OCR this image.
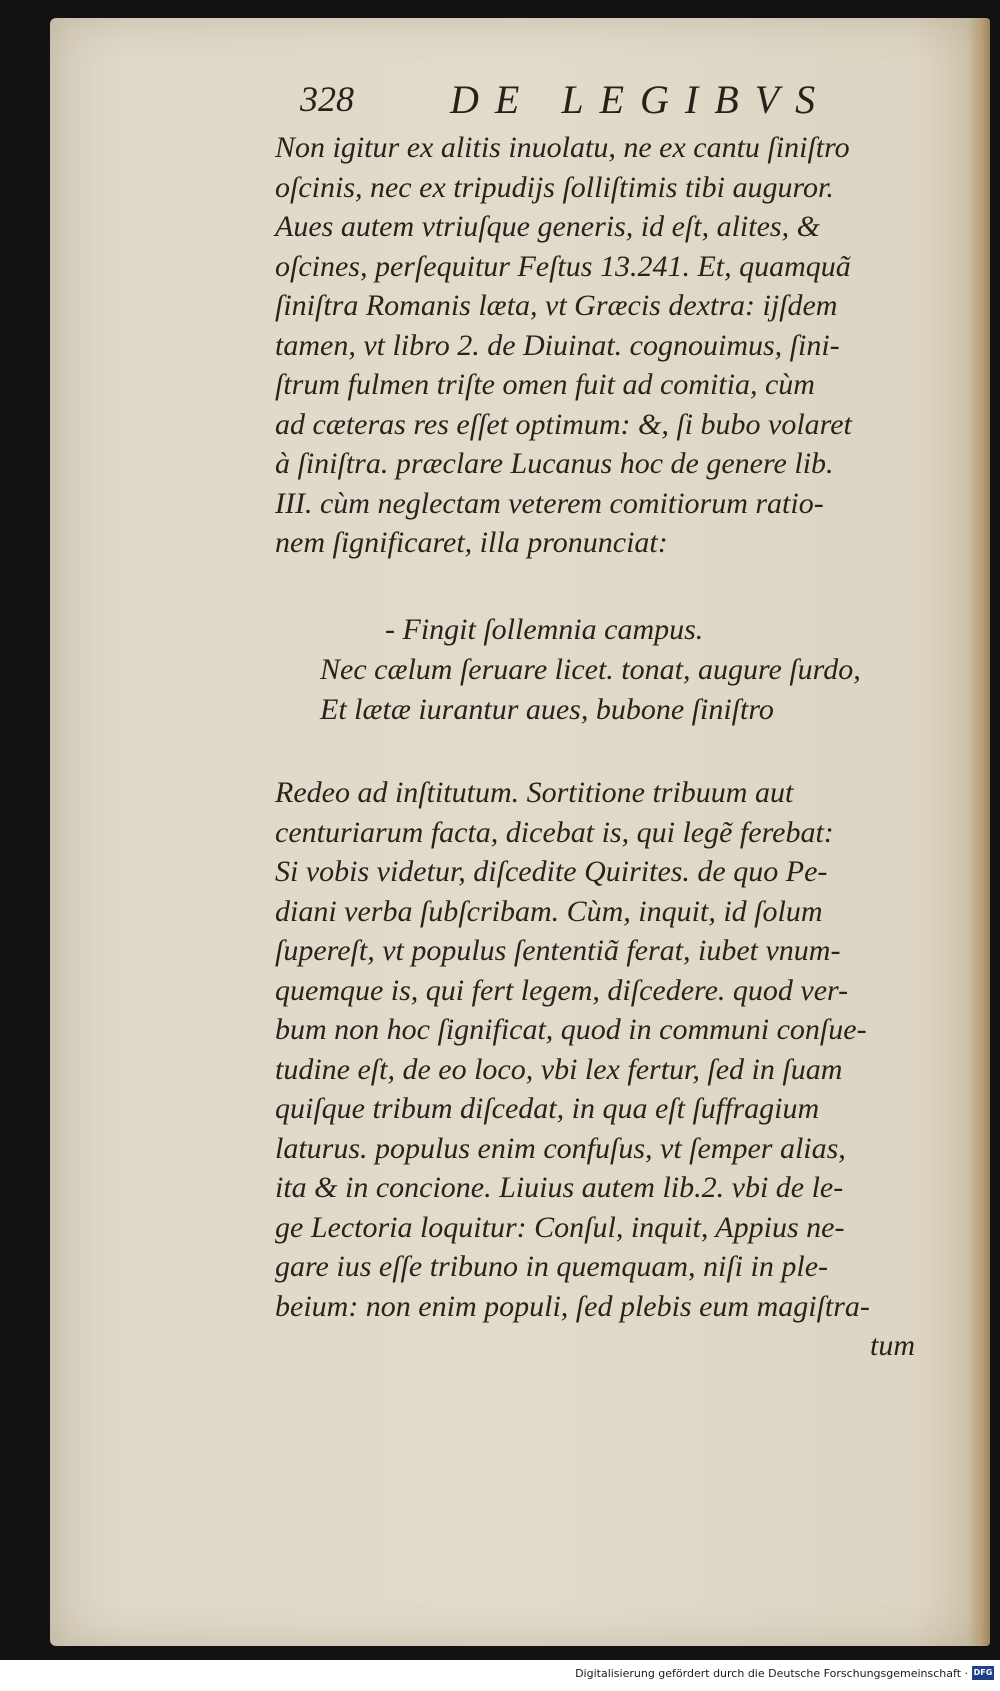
328 DE LEGIBVS
Non igitur ex alitis inuolatu, ne ex cantu ſiniſtro
oſcinis, nec ex tripudijs ſolliſtimis tibi auguror.
Aues autem vtriuſque generis, id eſt, alites, &
oſcines, perſequitur Feſtus 13.241. Et, quamquã
ſiniſtra Romanis læta, vt Græcis dextra: ijſdem
tamen, vt libro 2. de Diuinat. cognouimus, ſini-
ſtrum fulmen triſte omen fuit ad comitia, cùm
ad cæteras res eſſet optimum: &, ſi bubo volaret
à ſiniſtra. præclare Lucanus hoc de genere lib.
III. cùm neglectam veterem comitiorum ratio-
nem ſignificaret, illa pronunciat:
- Fingit ſollemnia campus.
Nec cælum ſeruare licet. tonat, augure ſurdo,
Et lætæ iurantur aues, bubone ſiniſtro
Redeo ad inſtitutum. Sortitione tribuum aut
centuriarum facta, dicebat is, qui legẽ ferebat:
Si vobis videtur, diſcedite Quirites. de quo Pe-
diani verba ſubſcribam. Cùm, inquit, id ſolum
ſupereſt, vt populus ſententiã ferat, iubet vnum-
quemque is, qui fert legem, diſcedere. quod ver-
bum non hoc ſignificat, quod in communi conſue-
tudine eſt, de eo loco, vbi lex fertur, ſed in ſuam
quiſque tribum diſcedat, in qua eſt ſuffragium
laturus. populus enim confuſus, vt ſemper alias,
ita & in concione. Liuius autem lib.2. vbi de le-
ge Lectoria loquitur: Conſul, inquit, Appius ne-
gare ius eſſe tribuno in quemquam, niſi in ple-
beium: non enim populi, ſed plebis eum magiſtra-
tum
Digitalisierung gefördert durch die Deutsche Forschungsgemeinschaft · DFG
